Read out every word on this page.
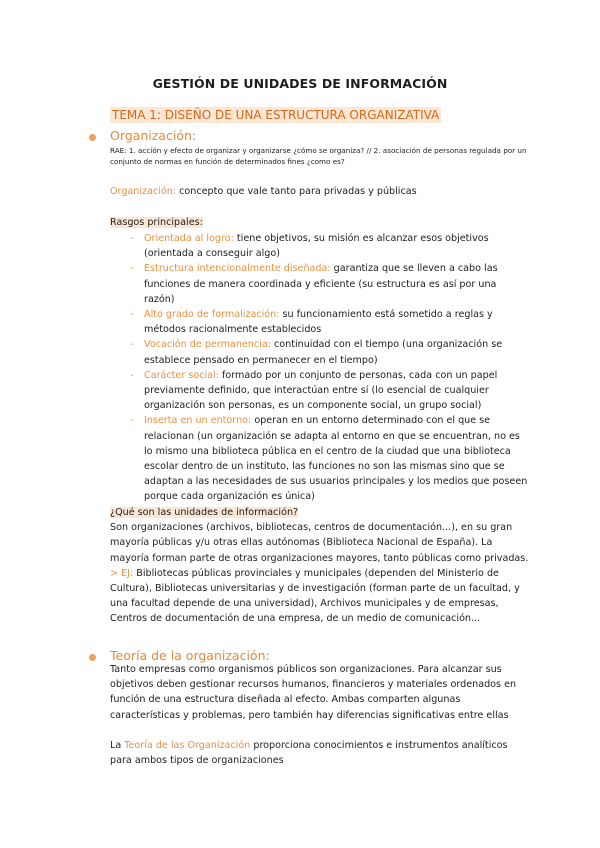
GESTIÓN DE UNIDADES DE INFORMACIÓN
TEMA 1: DISEÑO DE UNA ESTRUCTURA ORGANIZATIVA
Organización:
RAE: 1. acción y efecto de organizar y organizarse ¿cómo se organiza? // 2. asociación de personas regulada por un conjunto de normas en función de determinados fines ¿como es?
Organización: concepto que vale tanto para privadas y públicas
Rasgos principales:
- Orientada al logro: tiene objetivos, su misión es alcanzar esos objetivos (orientada a conseguir algo)
- Estructura intencionalmente diseñada: garantiza que se lleven a cabo las funciones de manera coordinada y eficiente (su estructura es así por una razón)
- Alto grado de formalización: su funcionamiento está sometido a reglas y métodos racionalmente establecidos
- Vocación de permanencia: continuidad con el tiempo (una organización se establece pensado en permanecer en el tiempo)
- Carácter social: formado por un conjunto de personas, cada con un papel previamente definido, que interactúan entre sí (lo esencial de cualquier organización son personas, es un componente social, un grupo social)
- Inserta en un entorno: operan en un entorno determinado con el que se relacionan (un organización se adapta al entorno en que se encuentran, no es lo mismo una biblioteca pública en el centro de la ciudad que una biblioteca escolar dentro de un instituto, las funciones no son las mismas sino que se adaptan a las necesidades de sus usuarios principales y los medios que poseen porque cada organización es única)

¿Qué son las unidades de información?

Son organizaciones (archivos, bibliotecas, centros de documentación...), en su gran mayoría públicas y/u otras ellas autónomas (Biblioteca Nacional de España). La mayoría forman parte de otras organizaciones mayores, tanto públicas como privadas.

> EJ: Bibliotecas públicas provinciales y municipales (dependen del Ministerio de Cultura), Bibliotecas universitarias y de investigación (forman parte de un facultad, y una facultad depende de una universidad), Archivos municipales y de empresas, Centros de documentación de una empresa, de un medio de comunicación...

Teoría de la organización:
Tanto empresas como organismos públicos son organizaciones. Para alcanzar sus objetivos deben gestionar recursos humanos, financieros y materiales ordenados en función de una estructura diseñada al efecto. Ambas comparten algunas características y problemas, pero también hay diferencias significativas entre ellas
La Teoría de las Organización proporciona conocimientos e instrumentos analíticos para ambos tipos de organizaciones
